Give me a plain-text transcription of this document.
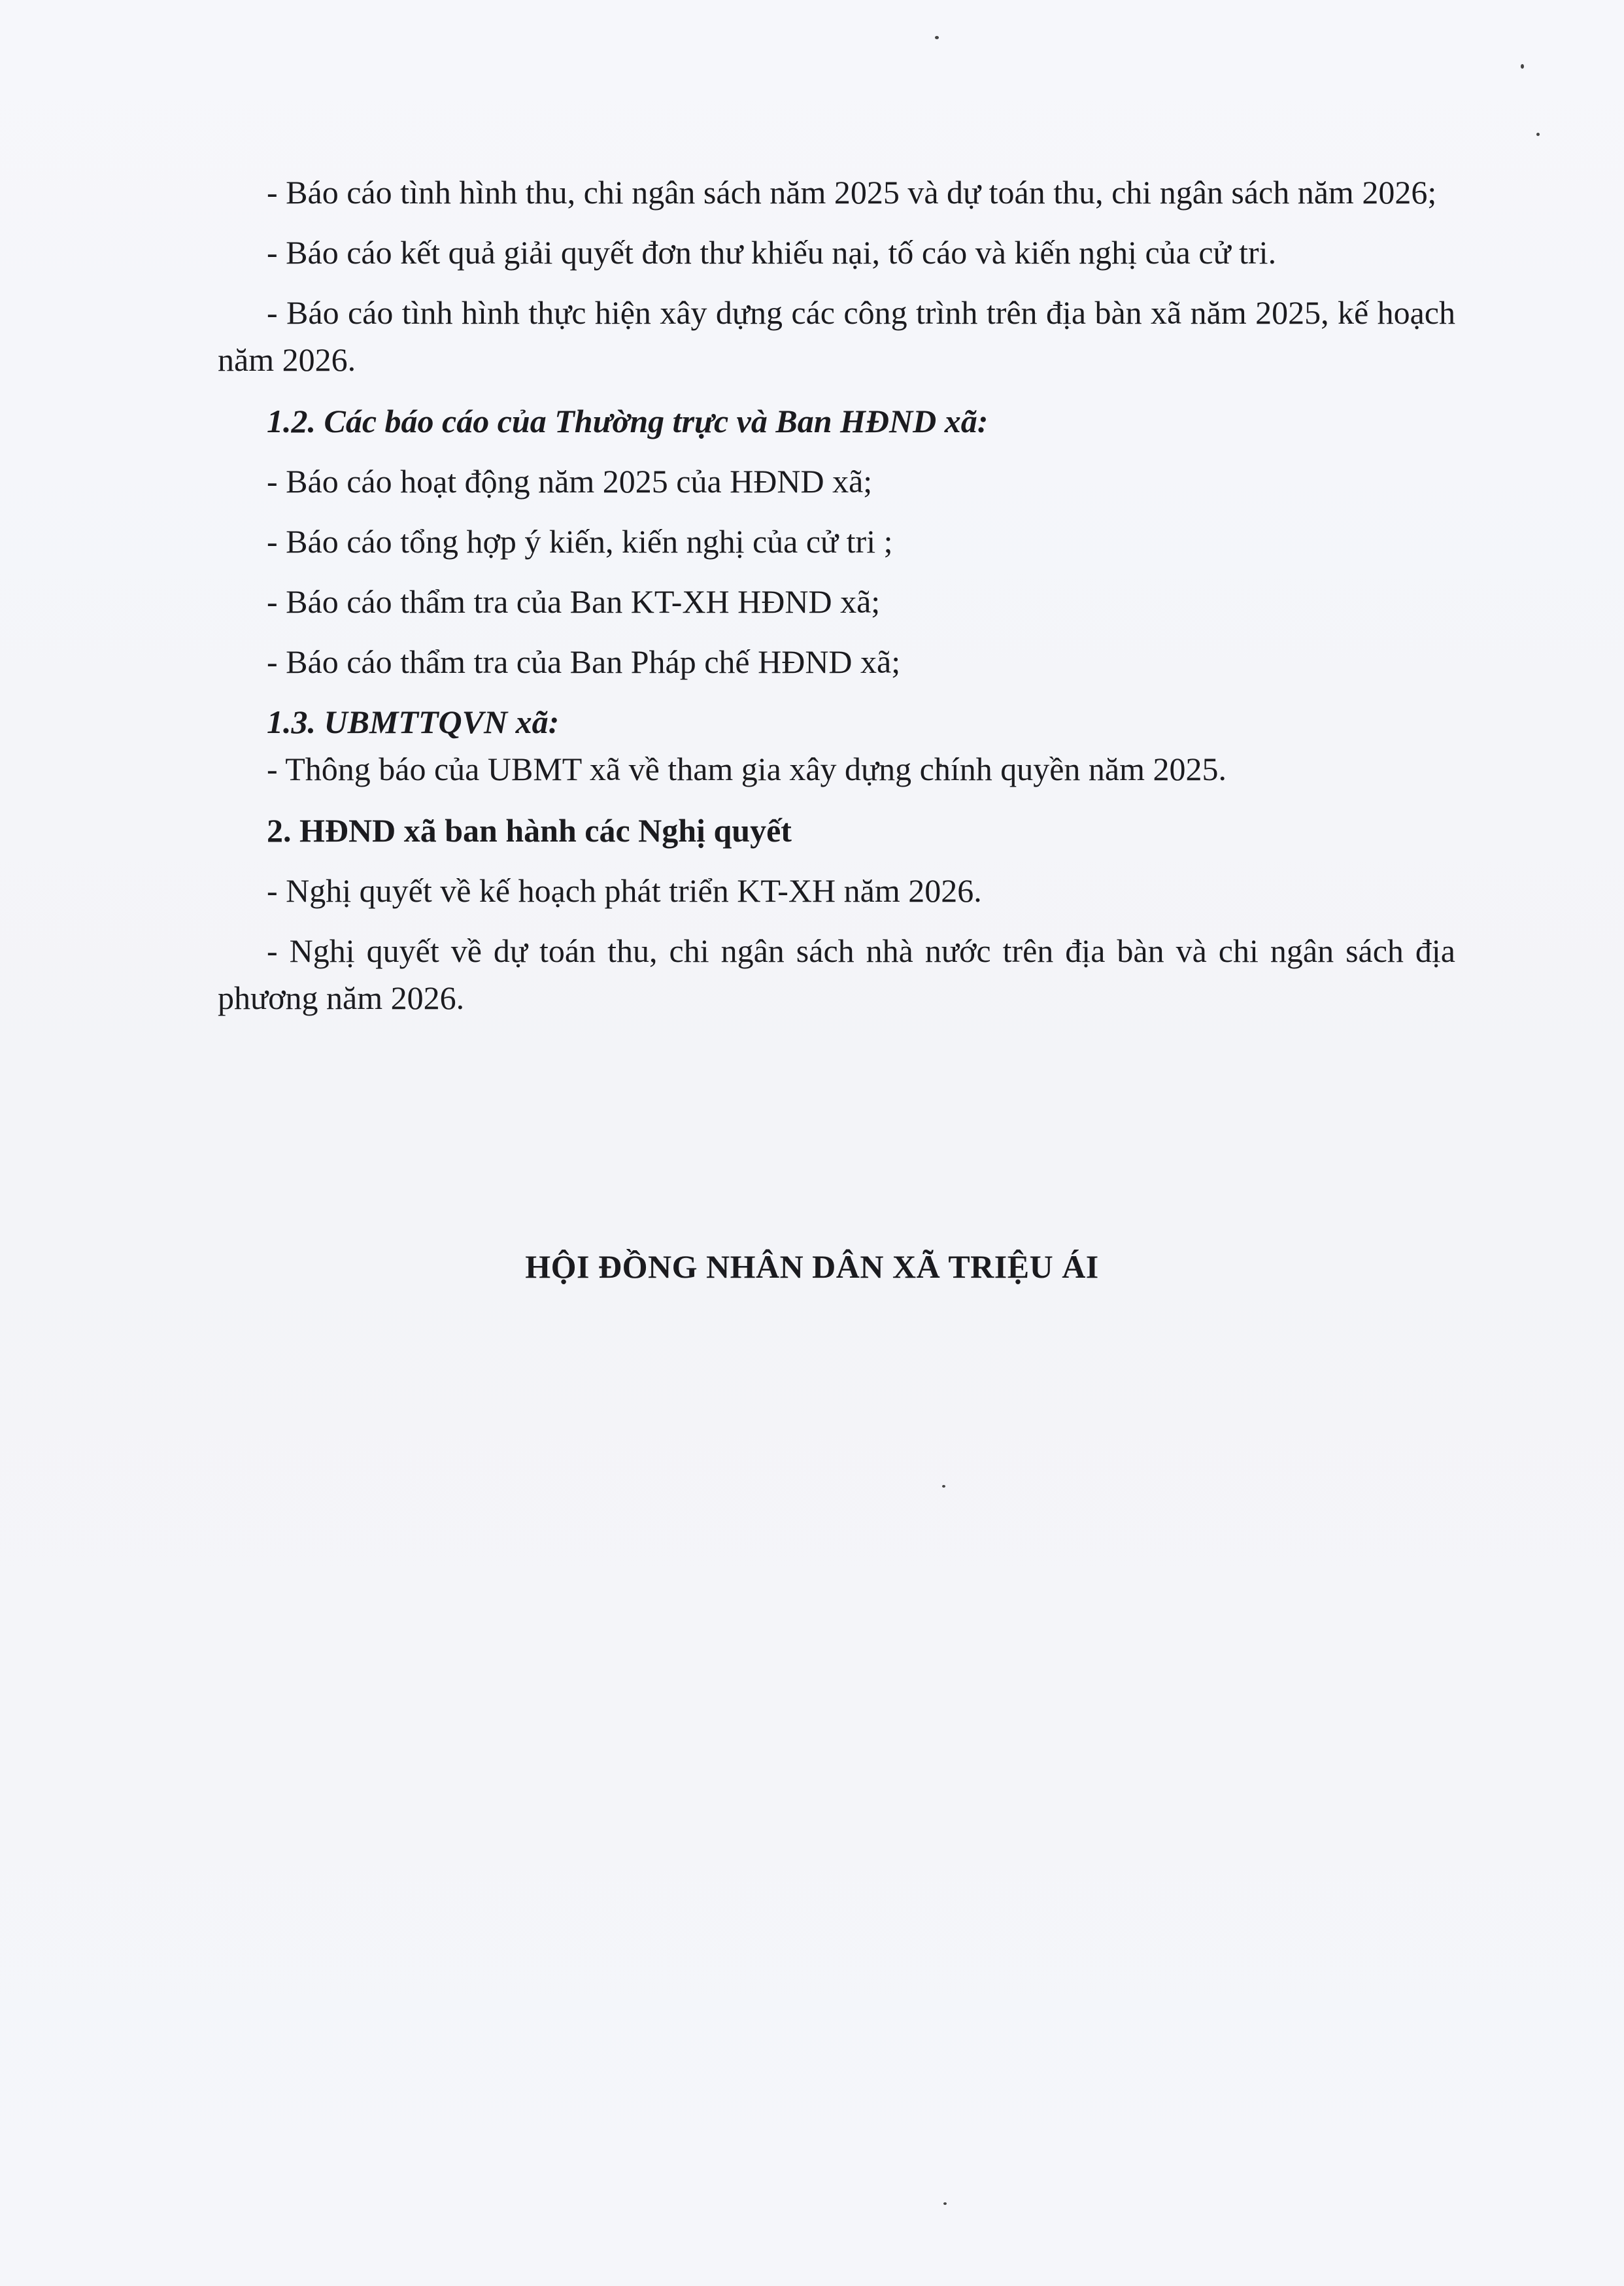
- Báo cáo tình hình thu, chi ngân sách năm 2025 và dự toán thu, chi ngân sách năm 2026;

- Báo cáo kết quả giải quyết đơn thư khiếu nại, tố cáo và kiến nghị của cử tri.

- Báo cáo tình hình thực hiện xây dựng các công trình trên địa bàn xã năm 2025, kế hoạch năm 2026.

1.2. Các báo cáo của Thường trực và Ban HĐND xã:

- Báo cáo hoạt động năm 2025 của HĐND xã;

- Báo cáo tổng hợp ý kiến, kiến nghị của cử tri ;

- Báo cáo thẩm tra của Ban KT-XH HĐND xã;

- Báo cáo thẩm tra của Ban Pháp chế HĐND xã;

1.3. UBMTTQVN xã:

- Thông báo của UBMT xã về tham gia xây dựng chính quyền năm 2025.

2. HĐND xã ban hành các Nghị quyết

- Nghị quyết về kế hoạch phát triển KT-XH năm 2026.

- Nghị quyết về dự toán thu, chi ngân sách nhà nước trên địa bàn và chi ngân sách địa phương năm 2026.

HỘI ĐỒNG NHÂN DÂN XÃ TRIỆU ÁI
